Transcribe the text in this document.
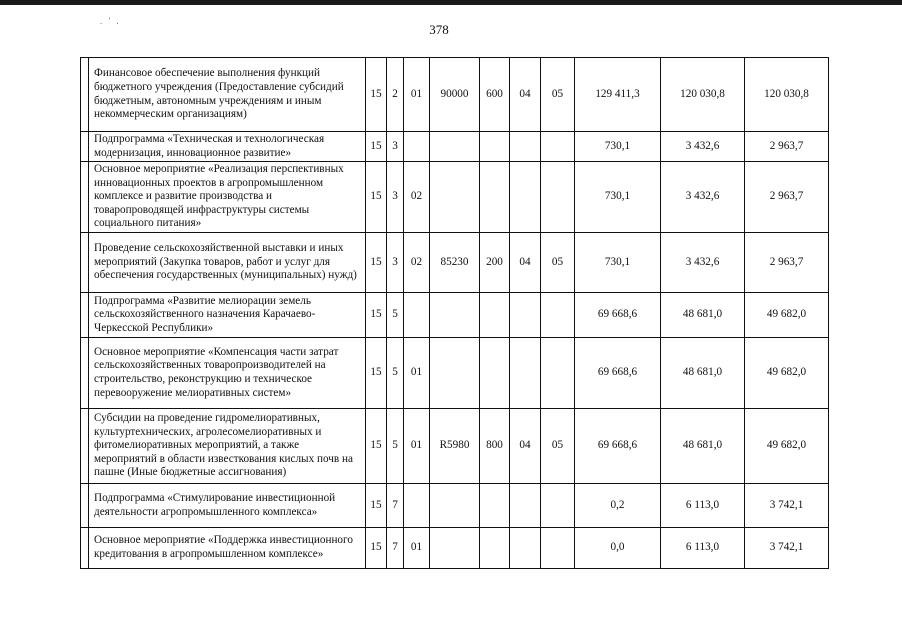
. ' .
378
	Финансовое обеспечение выполнения функций бюджетного учреждения (Предоставление субсидий бюджетным, автономным учреждениям и иным некоммерческим организациям)	15	2	01	90000	600	04	05	129 411,3	120 030,8	120 030,8
	Подпрограмма «Техническая и технологическая модернизация, инновационное развитие»	15	3						730,1	3 432,6	2 963,7
	Основное мероприятие «Реализация перспективных инновационных проектов в агропромышленном комплексе и развитие производства и товаропроводящей инфраструктуры системы социального питания»	15	3	02					730,1	3 432,6	2 963,7
	Проведение сельскохозяйственной выставки и иных мероприятий (Закупка товаров, работ и услуг для обеспечения государственных (муниципальных) нужд)	15	3	02	85230	200	04	05	730,1	3 432,6	2 963,7
	Подпрограмма «Развитие мелиорации земель сельскохозяйственного назначения Карачаево-Черкесской Республики»	15	5						69 668,6	48 681,0	49 682,0
	Основное мероприятие «Компенсация части затрат сельскохозяйственных товаропроизводителей на строительство, реконструкцию и техническое перевооружение мелиоративных систем»	15	5	01					69 668,6	48 681,0	49 682,0
	Субсидии на проведение гидромелиоративных, культуртехнических, агролесомелиоративных и фитомелиоративных мероприятий, а также мероприятий в области известкования кислых почв на пашне (Иные бюджетные ассигнования)	15	5	01	R5980	800	04	05	69 668,6	48 681,0	49 682,0
	Подпрограмма «Стимулирование инвестиционной деятельности агропромышленного комплекса»	15	7						0,2	6 113,0	3 742,1
	Основное мероприятие «Поддержка инвестиционного кредитования в агропромышленном комплексе»	15	7	01					0,0	6 113,0	3 742,1
